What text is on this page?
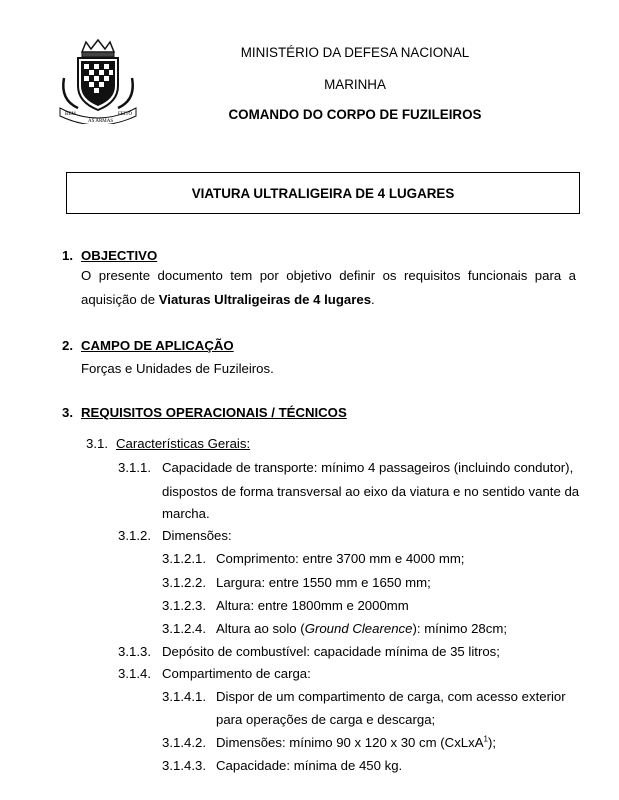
BEM
AS ARMAS
FEITO
MINISTÉRIO DA DEFESA NACIONAL
MARINHA
COMANDO DO CORPO DE FUZILEIROS
VIATURA ULTRALIGEIRA DE 4 LUGARES
1. OBJECTIVO
O presente documento tem por objetivo definir os requisitos funcionais para a
aquisição de Viaturas Ultraligeiras de 4 lugares.
2. CAMPO DE APLICAÇÃO
Forças e Unidades de Fuzileiros.
3. REQUISITOS OPERACIONAIS / TÉCNICOS
3.1. Características Gerais:
3.1.1. Capacidade de transporte: mínimo 4 passageiros (incluindo condutor),
dispostos de forma transversal ao eixo da viatura e no sentido vante da
marcha.
3.1.2. Dimensões:
3.1.2.1. Comprimento: entre 3700 mm e 4000 mm;
3.1.2.2. Largura: entre 1550 mm e 1650 mm;
3.1.2.3. Altura: entre 1800mm e 2000mm
3.1.2.4. Altura ao solo (Ground Clearence): mínimo 28cm;
3.1.3. Depósito de combustível: capacidade mínima de 35 litros;
3.1.4. Compartimento de carga:
3.1.4.1. Dispor de um compartimento de carga, com acesso exterior
para operações de carga e descarga;
3.1.4.2. Dimensões: mínimo 90 x 120 x 30 cm (CxLxA$^1$);
3.1.4.3. Capacidade: mínima de 450 kg.
